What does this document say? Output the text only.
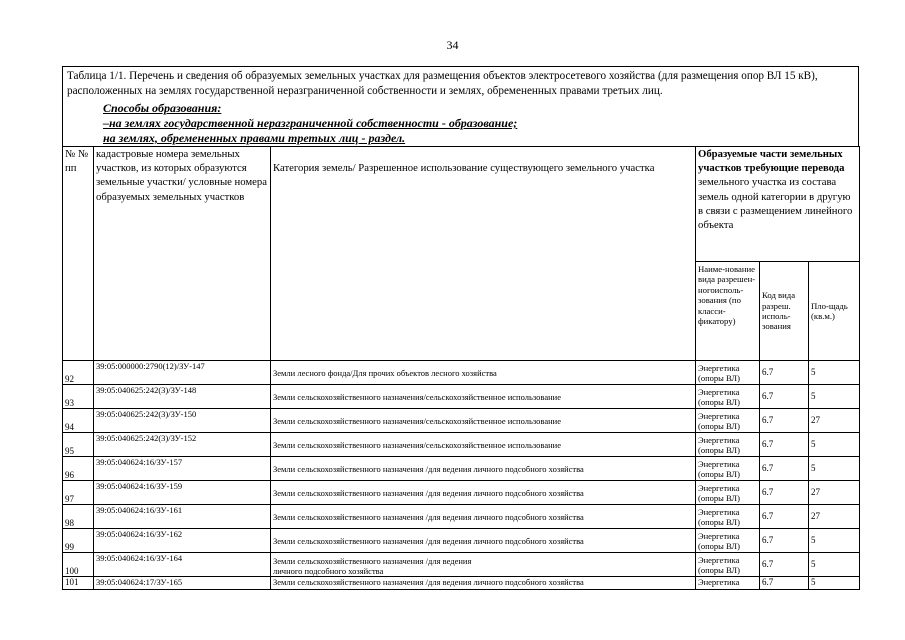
34
Таблица 1/1. Перечень и сведения об образуемых земельных участках для размещения объектов электросетевого хозяйства (для размещения опор ВЛ 15 кВ), расположенных на землях государственной неразграниченной собственности и землях, обремененных правами третьих лиц.
Способы образования:
–на землях государственной неразграниченной собственности - образование;
на землях, обремененных правами третьих лиц - раздел.
№ № пп	кадастровые номера земельных участков, из которых образуются земельные участки/ условные номера образуемых земельных участков	Категория земель/ Разрешенное использование существующего земельного участка	Образуемые части земельных участков требующие перевода земельного участка из состава земель одной категории в другую в связи с размещением линейного объекта		
			Наиме-нование вида разрешен-ногоисполь-зования (по класси-фикатору)	Код вида разреш. исполь-зования	Пло-щадь (кв.м.)
92	39:05:000000:2790(12)/ЗУ-147	Земли лесного фонда/Для прочих объектов лесного хозяйства	Энергетика (опоры ВЛ)	6.7	5
93	39:05:040625:242(3)/ЗУ-148	Земли сельскохозяйственного назначения/сельскохозяйственное использование	Энергетика (опоры ВЛ)	6.7	5
94	39:05:040625:242(3)/ЗУ-150	Земли сельскохозяйственного назначения/сельскохозяйственное использование	Энергетика (опоры ВЛ)	6.7	27
95	39:05:040625:242(3)/ЗУ-152	Земли сельскохозяйственного назначения/сельскохозяйственное использование	Энергетика (опоры ВЛ)	6.7	5
96	39:05:040624:16/ЗУ-157	Земли сельскохозяйственного назначения /для ведения личного подсобного хозяйства	Энергетика (опоры ВЛ)	6.7	5
97	39:05:040624:16/ЗУ-159	Земли сельскохозяйственного назначения /для ведения личного подсобного хозяйства	Энергетика (опоры ВЛ)	6.7	27
98	39:05:040624:16/ЗУ-161	Земли сельскохозяйственного назначения /для ведения личного подсобного хозяйства	Энергетика (опоры ВЛ)	6.7	27
99	39:05:040624:16/ЗУ-162	Земли сельскохозяйственного назначения /для ведения личного подсобного хозяйства	Энергетика (опоры ВЛ)	6.7	5
100	39:05:040624:16/ЗУ-164	Земли сельскохозяйственного назначения /для ведения
личного подсобного хозяйства	Энергетика (опоры ВЛ)	6.7	5
101	39:05:040624:17/ЗУ-165	Земли сельскохозяйственного назначения /для ведения личного подсобного хозяйства	Энергетика	6.7	5
